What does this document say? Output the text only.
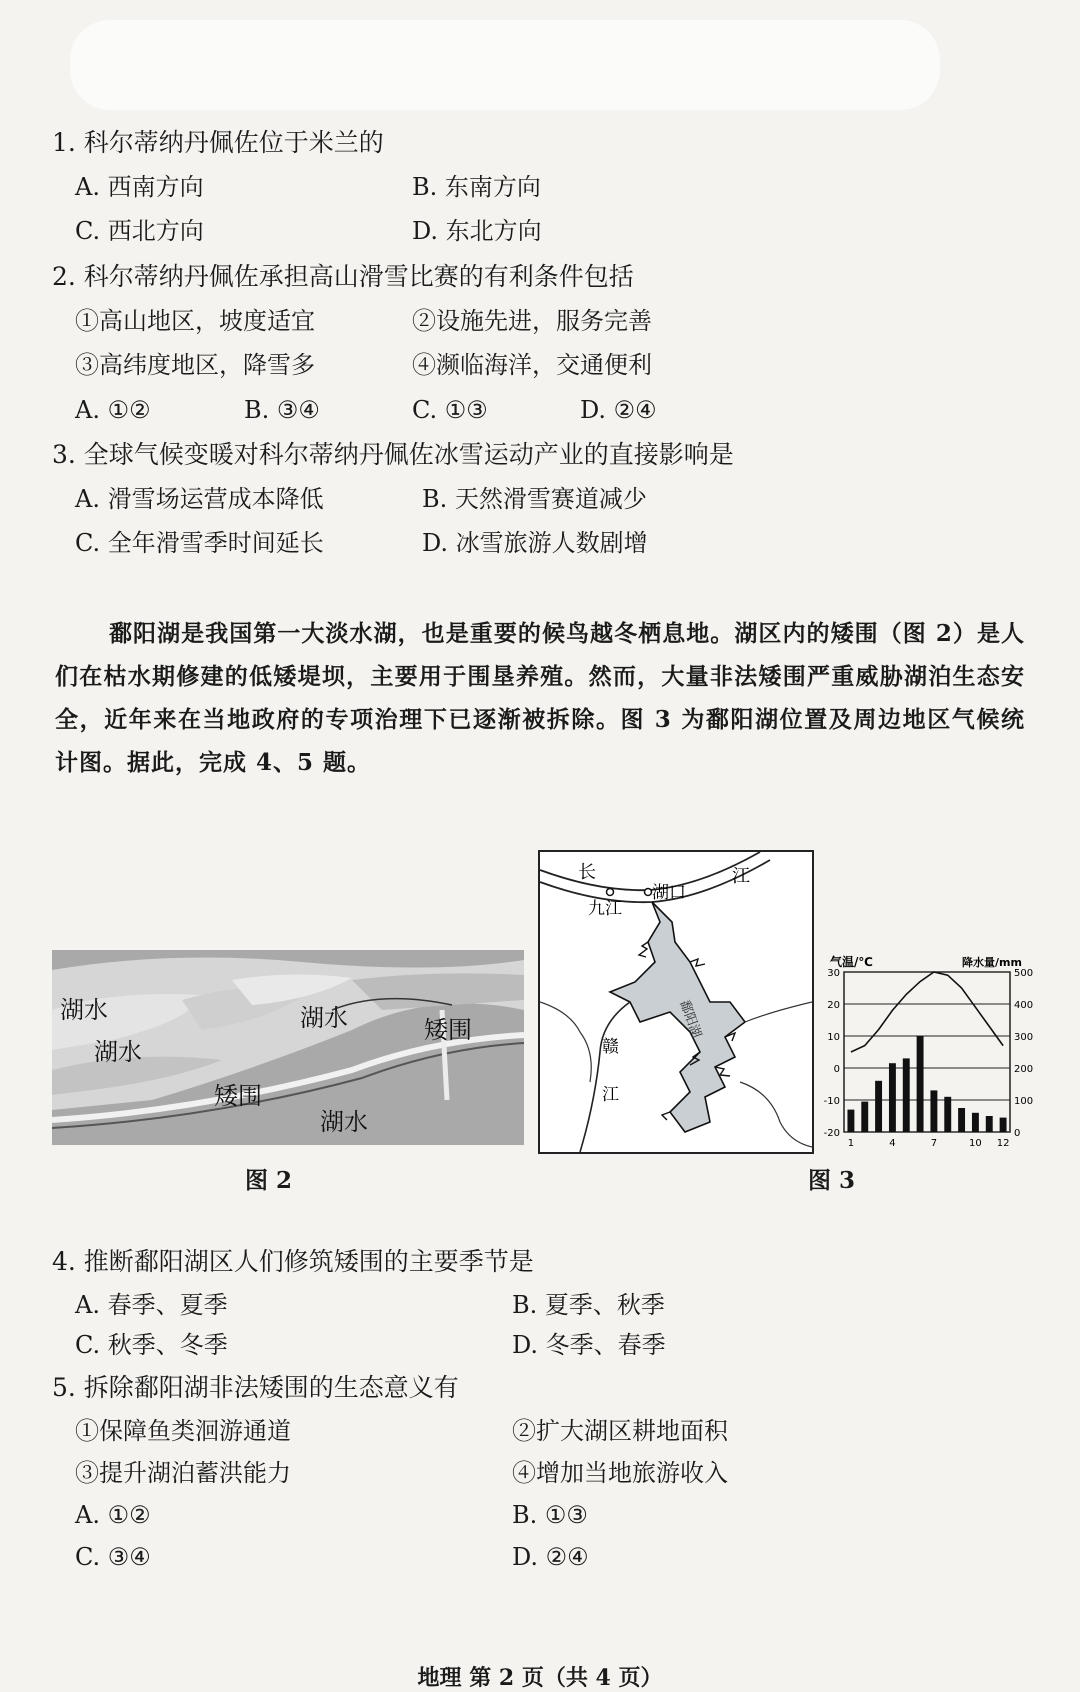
1. 科尔蒂纳丹佩佐位于米兰的
A. 西南方向	B. 东南方向
C. 西北方向	D. 东北方向
2. 科尔蒂纳丹佩佐承担高山滑雪比赛的有利条件包括
①高山地区，坡度适宜	②设施先进，服务完善
③高纬度地区，降雪多	④濒临海洋，交通便利
A. ①②	B. ③④	C. ①③	D. ②④
3. 全球气候变暖对科尔蒂纳丹佩佐冰雪运动产业的直接影响是
A. 滑雪场运营成本降低	B. 天然滑雪赛道减少
C. 全年滑雪季时间延长	D. 冰雪旅游人数剧增
鄱阳湖是我国第一大淡水湖，也是重要的候鸟越冬栖息地。湖区内的矮围（图 2）是人们在枯水期修建的低矮堤坝，主要用于围垦养殖。然而，大量非法矮围严重威胁湖泊生态安全，近年来在当地政府的专项治理下已逐渐被拆除。图 3 为鄱阳湖位置及周边地区气候统计图。据此，完成 4、5 题。
湖水	湖水
湖水
矮围
矮围
湖水
图 2
长	江
九江
湖口
赣
江
鄱阳湖
气温/℃	降水量/mm
30
20
10
0
-10
-20
500
400
300
200
100
0
1	4	7	10 12
图 3
4. 推断鄱阳湖区人们修筑矮围的主要季节是
A. 春季、夏季	B. 夏季、秋季
C. 秋季、冬季	D. 冬季、春季
5. 拆除鄱阳湖非法矮围的生态意义有
①保障鱼类洄游通道	②扩大湖区耕地面积
③提升湖泊蓄洪能力	④增加当地旅游收入
A. ①②	B. ①③
C. ③④	D. ②④
地理 第 2 页（共 4 页）
